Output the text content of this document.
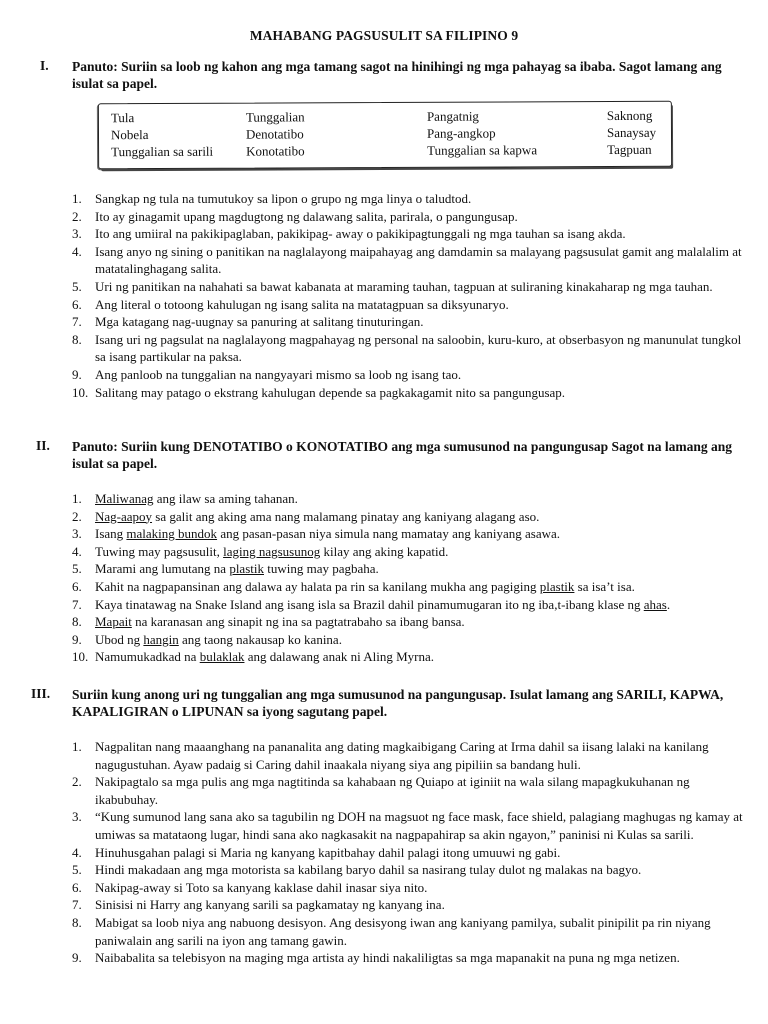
MAHABANG PAGSUSULIT SA FILIPINO 9
I. Panuto: Suriin sa loob ng kahon ang mga tamang sagot na hinihingi ng mga pahayag sa ibaba. Sagot lamang ang isulat sa papel.
Tula
Nobela
Tunggalian sa sarili
Tunggalian
Denotatibo
Konotatibo
Pangatnig
Pang-angkop
Tunggalian sa kapwa
Saknong
Sanaysay
Tagpuan
1. Sangkap ng tula na tumutukoy sa lipon o grupo ng mga linya o taludtod.
2. Ito ay ginagamit upang magdugtong ng dalawang salita, parirala, o pangungusap.
3. Ito ang umiiral na pakikipaglaban, pakikipag- away o pakikipagtunggali ng mga tauhan sa isang akda.
4. Isang anyo ng sining o panitikan na naglalayong maipahayag ang damdamin sa malayang pagsusulat gamit ang malalalim at matatalinghagang salita.
5. Uri ng panitikan na nahahati sa bawat kabanata at maraming tauhan, tagpuan at suliraning kinakaharap ng mga tauhan.
6. Ang literal o totoong kahulugan ng isang salita na matatagpuan sa diksyunaryo.
7. Mga katagang nag-uugnay sa panuring at salitang tinuturingan.
8. Isang uri ng pagsulat na naglalayong magpahayag ng personal na saloobin, kuru-kuro, at obserbasyon ng manunulat tungkol sa isang partikular na paksa.
9. Ang panloob na tunggalian na nangyayari mismo sa loob ng isang tao.
10. Salitang may patago o ekstrang kahulugan depende sa pagkakagamit nito sa pangungusap.
II. Panuto: Suriin kung DENOTATIBO o KONOTATIBO ang mga sumusunod na pangungusap Sagot na lamang ang isulat sa papel.
1. Maliwanag ang ilaw sa aming tahanan.
2. Nag-aapoy sa galit ang aking ama nang malamang pinatay ang kaniyang alagang aso.
3. Isang malaking bundok ang pasan-pasan niya simula nang mamatay ang kaniyang asawa.
4. Tuwing may pagsusulit, laging nagsusunog kilay ang aking kapatid.
5. Marami ang lumutang na plastik tuwing may pagbaha.
6. Kahit na nagpapansinan ang dalawa ay halata pa rin sa kanilang mukha ang pagiging plastik sa isa’t isa.
7. Kaya tinatawag na Snake Island ang isang isla sa Brazil dahil pinamumugaran ito ng iba,t-ibang klase ng ahas.
8. Mapait na karanasan ang sinapit ng ina sa pagtatrabaho sa ibang bansa.
9. Ubod ng hangin ang taong nakausap ko kanina.
10. Namumukadkad na bulaklak ang dalawang anak ni Aling Myrna.
III. Suriin kung anong uri ng tunggalian ang mga sumusunod na pangungusap. Isulat lamang ang SARILI, KAPWA, KAPALIGIRAN o LIPUNAN sa iyong sagutang papel.
1. Nagpalitan nang maaanghang na pananalita ang dating magkaibigang Caring at Irma dahil sa iisang lalaki na kanilang nagugustuhan. Ayaw padaig si Caring dahil inaakala niyang siya ang pipiliin sa bandang huli.
2. Nakipagtalo sa mga pulis ang mga nagtitinda sa kahabaan ng Quiapo at iginiit na wala silang mapagkukuhanan ng ikabubuhay.
3. “Kung sumunod lang sana ako sa tagubilin ng DOH na magsuot ng face mask, face shield, palagiang maghugas ng kamay at umiwas sa matataong lugar, hindi sana ako nagkasakit na nagpapahirap sa akin ngayon,” paninisi ni Kulas sa sarili.
4. Hinuhusgahan palagi si Maria ng kanyang kapitbahay dahil palagi itong umuuwi ng gabi.
5. Hindi makadaan ang mga motorista sa kabilang baryo dahil sa nasirang tulay dulot ng malakas na bagyo.
6. Nakipag-away si Toto sa kanyang kaklase dahil inasar siya nito.
7. Sinisisi ni Harry ang kanyang sarili sa pagkamatay ng kanyang ina.
8. Mabigat sa loob niya ang nabuong desisyon. Ang desisyong iwan ang kaniyang pamilya, subalit pinipilit pa rin niyang paniwalain ang sarili na iyon ang tamang gawin.
9. Naibabalita sa telebisyon na maging mga artista ay hindi nakaliligtas sa mga mapanakit na puna ng mga netizen.
